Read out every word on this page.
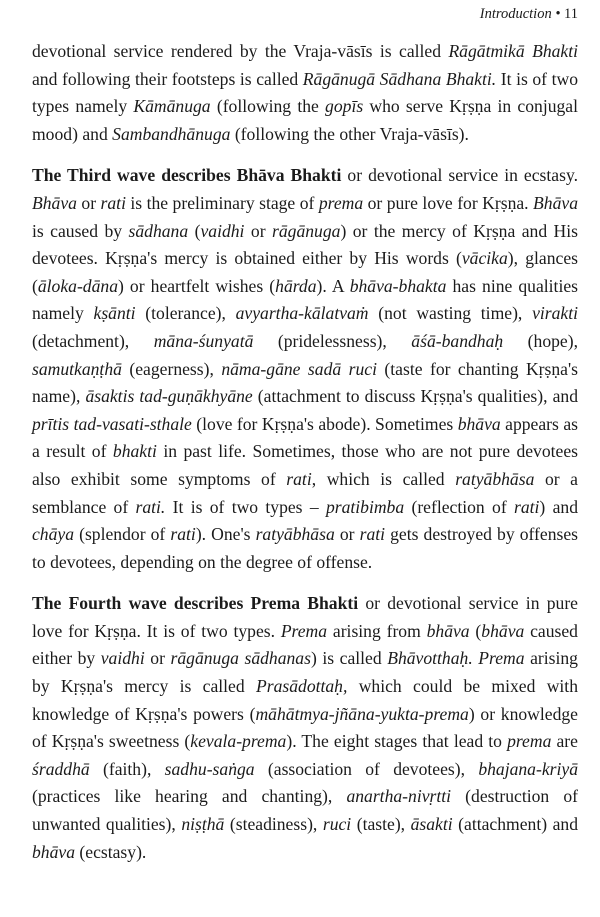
Introduction • 11

devotional service rendered by the Vraja-vāsīs is called Rāgātmikā Bhakti and following their footsteps is called Rāgānugā Sādhana Bhakti. It is of two types namely Kāmānuga (following the gopīs who serve Kṛṣṇa in conjugal mood) and Sambandhānuga (following the other Vraja-vāsīs).

The Third wave describes Bhāva Bhakti or devotional service in ecstasy. Bhāva or rati is the preliminary stage of prema or pure love for Kṛṣṇa. Bhāva is caused by sādhana (vaidhi or rāgānuga) or the mercy of Kṛṣṇa and His devotees. Kṛṣṇa's mercy is obtained either by His words (vācika), glances (āloka-dāna) or heartfelt wishes (hārda). A bhāva-bhakta has nine qualities namely kṣānti (tolerance), avyartha-kālatvaṁ (not wasting time), virakti (detachment), māna-śunyatā (pridelessness), āśā-bandhaḥ (hope), samutkaṇṭhā (eagerness), nāma-gāne sadā ruci (taste for chanting Kṛṣṇa's name), āsaktis tad-guṇākhyāne (attachment to discuss Kṛṣṇa's qualities), and prītis tad-vasati-sthale (love for Kṛṣṇa's abode). Sometimes bhāva appears as a result of bhakti in past life. Sometimes, those who are not pure devotees also exhibit some symptoms of rati, which is called ratyābhāsa or a semblance of rati. It is of two types – pratibimba (reflection of rati) and chāya (splendor of rati). One's ratyābhāsa or rati gets destroyed by offenses to devotees, depending on the degree of offense.

The Fourth wave describes Prema Bhakti or devotional service in pure love for Kṛṣṇa. It is of two types. Prema arising from bhāva (bhāva caused either by vaidhi or rāgānuga sādhanas) is called Bhāvotthaḥ. Prema arising by Kṛṣṇa's mercy is called Prasādottaḥ, which could be mixed with knowledge of Kṛṣṇa's powers (māhātmya-jñāna-yukta-prema) or knowledge of Kṛṣṇa's sweetness (kevala-prema). The eight stages that lead to prema are śraddhā (faith), sadhu-saṅga (association of devotees), bhajana-kriyā (practices like hearing and chanting), anartha-nivṛtti (destruction of unwanted qualities), niṣṭhā (steadiness), ruci (taste), āsakti (attachment) and bhāva (ecstasy).
